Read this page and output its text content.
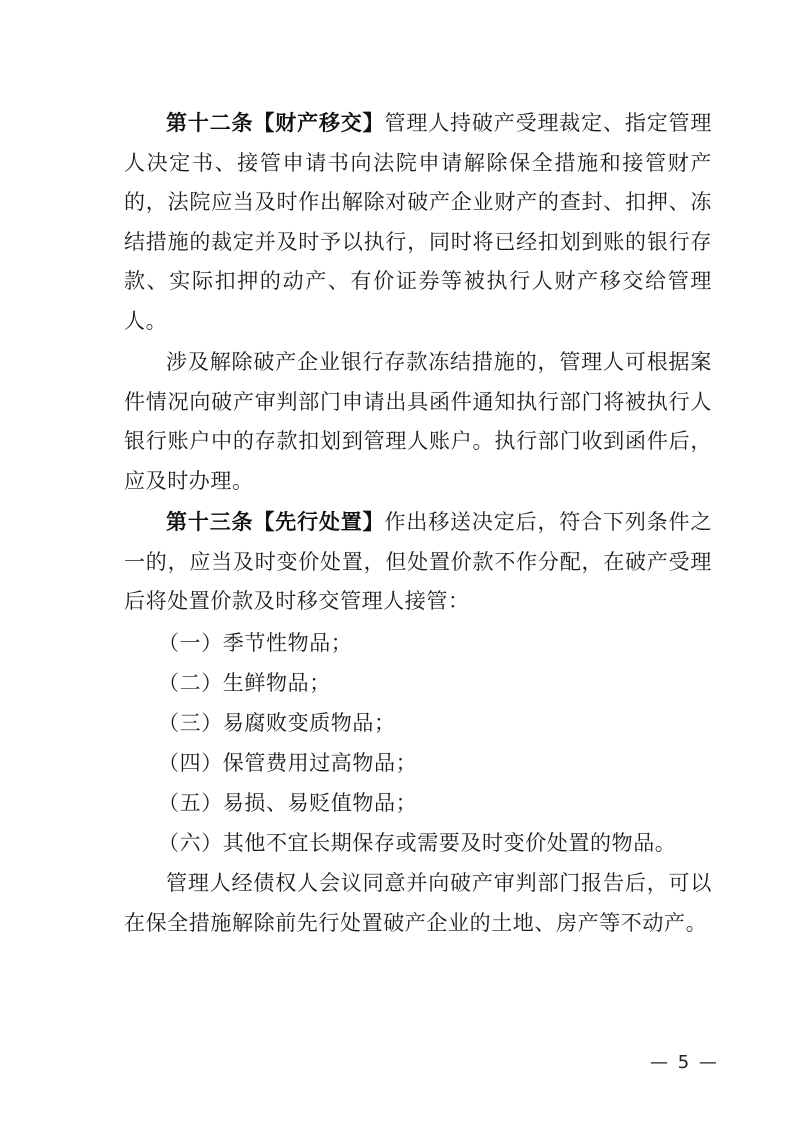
第十二条【财产移交】管理人持破产受理裁定、指定管理人决定书、接管申请书向法院申请解除保全措施和接管财产的，法院应当及时作出解除对破产企业财产的查封、扣押、冻结措施的裁定并及时予以执行，同时将已经扣划到账的银行存款、实际扣押的动产、有价证券等被执行人财产移交给管理人。

涉及解除破产企业银行存款冻结措施的，管理人可根据案件情况向破产审判部门申请出具函件通知执行部门将被执行人银行账户中的存款扣划到管理人账户。执行部门收到函件后，应及时办理。

第十三条【先行处置】作出移送决定后，符合下列条件之一的，应当及时变价处置，但处置价款不作分配，在破产受理后将处置价款及时移交管理人接管：

（一）季节性物品；

（二）生鲜物品；

（三）易腐败变质物品；

（四）保管费用过高物品；

（五）易损、易贬值物品；

（六）其他不宜长期保存或需要及时变价处置的物品。

管理人经债权人会议同意并向破产审判部门报告后，可以在保全措施解除前先行处置破产企业的土地、房产等不动产。

— 5 —
